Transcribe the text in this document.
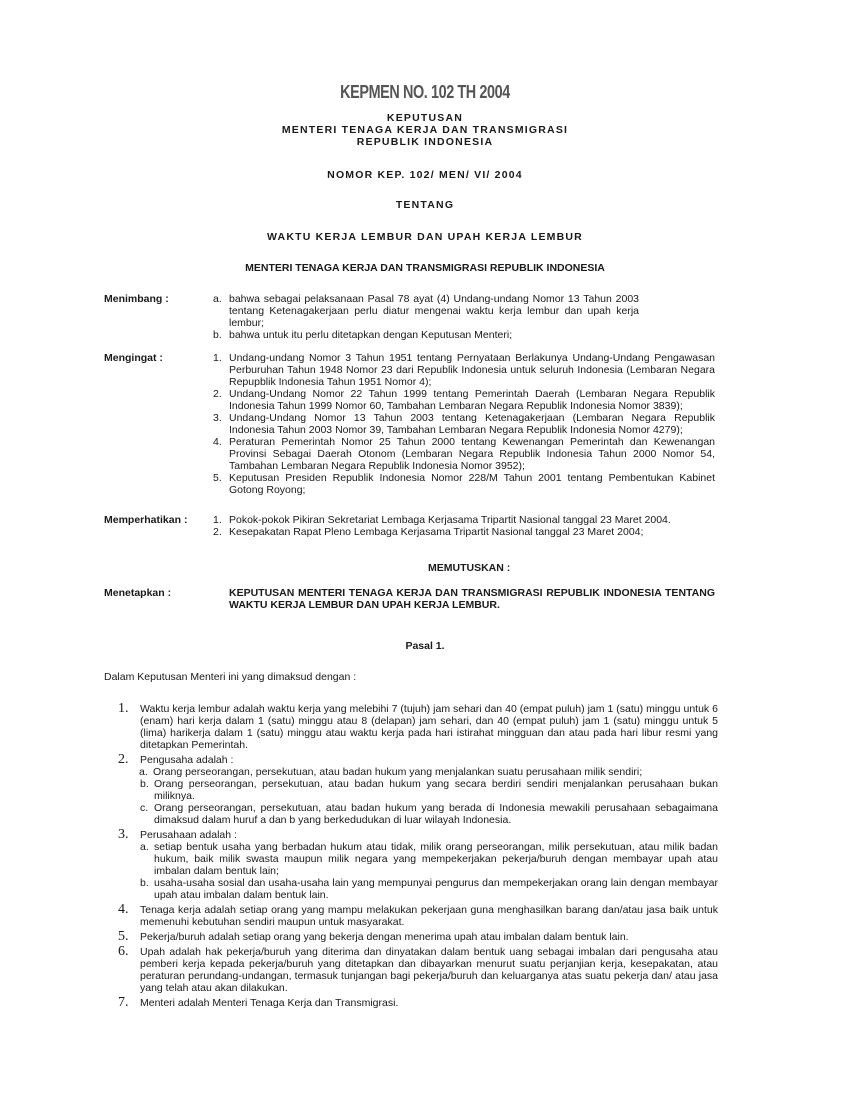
KEPMEN NO. 102 TH 2004
KEPUTUSAN
MENTERI TENAGA KERJA DAN TRANSMIGRASI
REPUBLIK INDONESIA
NOMOR KEP. 102/ MEN/ VI/ 2004
TENTANG
WAKTU KERJA LEMBUR DAN UPAH KERJA LEMBUR
MENTERI TENAGA KERJA DAN TRANSMIGRASI REPUBLIK INDONESIA
Menimbang :	a. bahwa sebagai pelaksanaan Pasal 78 ayat (4) Undang-undang Nomor 13 Tahun 2003 tentang Ketenagakerjaan perlu diatur mengenai waktu kerja lembur dan upah kerja lembur;
b. bahwa untuk itu perlu ditetapkan dengan Keputusan Menteri;
Mengingat :	1. Undang-undang Nomor 3 Tahun 1951 tentang Pernyataan Berlakunya Undang-Undang Pengawasan Perburuhan Tahun 1948 Nomor 23 dari Republik Indonesia untuk seluruh Indonesia (Lembaran Negara Repupblik Indonesia Tahun 1951 Nomor 4);
2. Undang-Undang Nomor 22 Tahun 1999 tentang Pemerintah Daerah (Lembaran Negara Republik Indonesia Tahun 1999 Nomor 60, Tambahan Lembaran Negara Republik Indonesia Nomor 3839);
3. Undang-Undang Nomor 13 Tahun 2003 tentang Ketenagakerjaan (Lembaran Negara Republik Indonesia Tahun 2003 Nomor 39, Tambahan Lembaran Negara Republik Indonesia Nomor 4279);
4. Peraturan Pemerintah Nomor 25 Tahun 2000 tentang Kewenangan Pemerintah dan Kewenangan Provinsi Sebagai Daerah Otonom (Lembaran Negara Republik Indonesia Tahun 2000 Nomor 54, Tambahan Lembaran Negara Republik Indonesia Nomor 3952);
5. Keputusan Presiden Republik Indonesia Nomor 228/M Tahun 2001 tentang Pembentukan Kabinet Gotong Royong;
Memperhatikan : 1. Pokok-pokok Pikiran Sekretariat Lembaga Kerjasama Tripartit Nasional tanggal 23 Maret 2004.
2. Kesepakatan Rapat Pleno Lembaga Kerjasama Tripartit Nasional tanggal 23 Maret 2004;
MEMUTUSKAN :
Menetapkan :	KEPUTUSAN MENTERI TENAGA KERJA DAN TRANSMIGRASI REPUBLIK INDONESIA TENTANG WAKTU KERJA LEMBUR DAN UPAH KERJA LEMBUR.
Pasal 1.
Dalam Keputusan Menteri ini yang dimaksud dengan :
1.	Waktu kerja lembur adalah waktu kerja yang melebihi 7 (tujuh) jam sehari dan 40 (empat puluh) jam 1 (satu) minggu untuk 6 (enam) hari kerja dalam 1 (satu) minggu atau 8 (delapan) jam sehari, dan 40 (empat puluh) jam 1 (satu) minggu untuk 5 (lima) harikerja dalam 1 (satu) minggu atau waktu kerja pada hari istirahat mingguan dan atau pada hari libur resmi yang ditetapkan Pemerintah.
2.	Pengusaha adalah :
a. Orang perseorangan, persekutuan, atau badan hukum yang menjalankan suatu perusahaan milik sendiri;
b. Orang perseorangan, persekutuan, atau badan hukum yang secara berdiri sendiri menjalankan perusahaan bukan miliknya.
c. Orang perseorangan, persekutuan, atau badan hukum yang berada di Indonesia mewakili perusahaan sebagaimana dimaksud dalam huruf a dan b yang berkedudukan di luar wilayah Indonesia.
3.	Perusahaan adalah :
a. setiap bentuk usaha yang berbadan hukum atau tidak, milik orang perseorangan, milik persekutuan, atau milik badan hukum, baik milik swasta maupun milik negara yang mempekerjakan pekerja/buruh dengan membayar upah atau imbalan dalam bentuk lain;
b. usaha-usaha sosial dan usaha-usaha lain yang mempunyai pengurus dan mempekerjakan orang lain dengan membayar upah atau imbalan dalam bentuk lain.
4.	Tenaga kerja adalah setiap orang yang mampu melakukan pekerjaan guna menghasilkan barang dan/atau jasa baik untuk memenuhi kebutuhan sendiri maupun untuk masyarakat.
5.	Pekerja/buruh adalah setiap orang yang bekerja dengan menerima upah atau imbalan dalam bentuk lain.
6.	Upah adalah hak pekerja/buruh yang diterima dan dinyatakan dalam bentuk uang sebagai imbalan dari pengusaha atau pemberi kerja kepada pekerja/buruh yang ditetapkan dan dibayarkan menurut suatu perjanjian kerja, kesepakatan, atau peraturan perundang-undangan, termasuk tunjangan bagi pekerja/buruh dan keluarganya atas suatu pekerja dan/ atau jasa yang telah atau akan dilakukan.
7.	Menteri adalah Menteri Tenaga Kerja dan Transmigrasi.
